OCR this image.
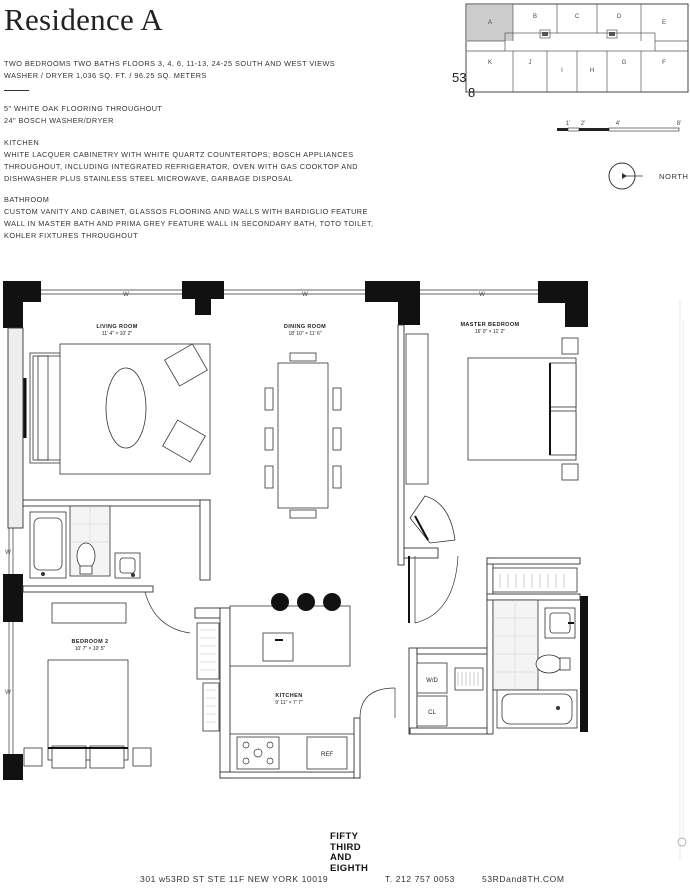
Residence A
TWO BEDROOMS TWO BATHS FLOORS 3, 4, 6, 11-13, 24-25 SOUTH AND WEST VIEWS
WASHER / DRYER 1,036 SQ. FT. / 96.25 SQ. METERS
5" WHITE OAK FLOORING THROUGHOUT
24" BOSCH WASHER/DRYER
KITCHEN
WHITE LACQUER CABINETRY WITH WHITE QUARTZ COUNTERTOPS; BOSCH APPLIANCES
THROUGHOUT, INCLUDING INTEGRATED REFRIGERATOR, OVEN WITH GAS COOKTOP AND
DISHWASHER PLUS STAINLESS STEEL MICROWAVE, GARBAGE DISPOSAL
BATHROOM
CUSTOM VANITY AND CABINET, GLASSOS FLOORING AND WALLS WITH BARDIGLIO FEATURE
WALL IN MASTER BATH AND PRIMA GREY FEATURE WALL IN SECONDARY BATH, TOTO TOILET,
KOHLER FIXTURES THROUGHOUT
A
B	C	D
E
K	J
I	H
G	F
53
8
1' 2'	4'	8'
NORTH
W	W	W
W
W
LIVING ROOM
11' 4" × 10' 2"
DINING ROOM
18' 10" × 11' 6"
MASTER BEDROOM
16' 0" × 11' 2"
BEDROOM 2
10' 7" × 10' 5"
KITCHEN
9' 11" × 7' 7"
W/D
CL
REF
FIFTY
THIRD
AND
EIGHTH
301 w53RD ST STE 11F NEW YORK 10019	T. 212 757 0053	53RDand8TH.COM
